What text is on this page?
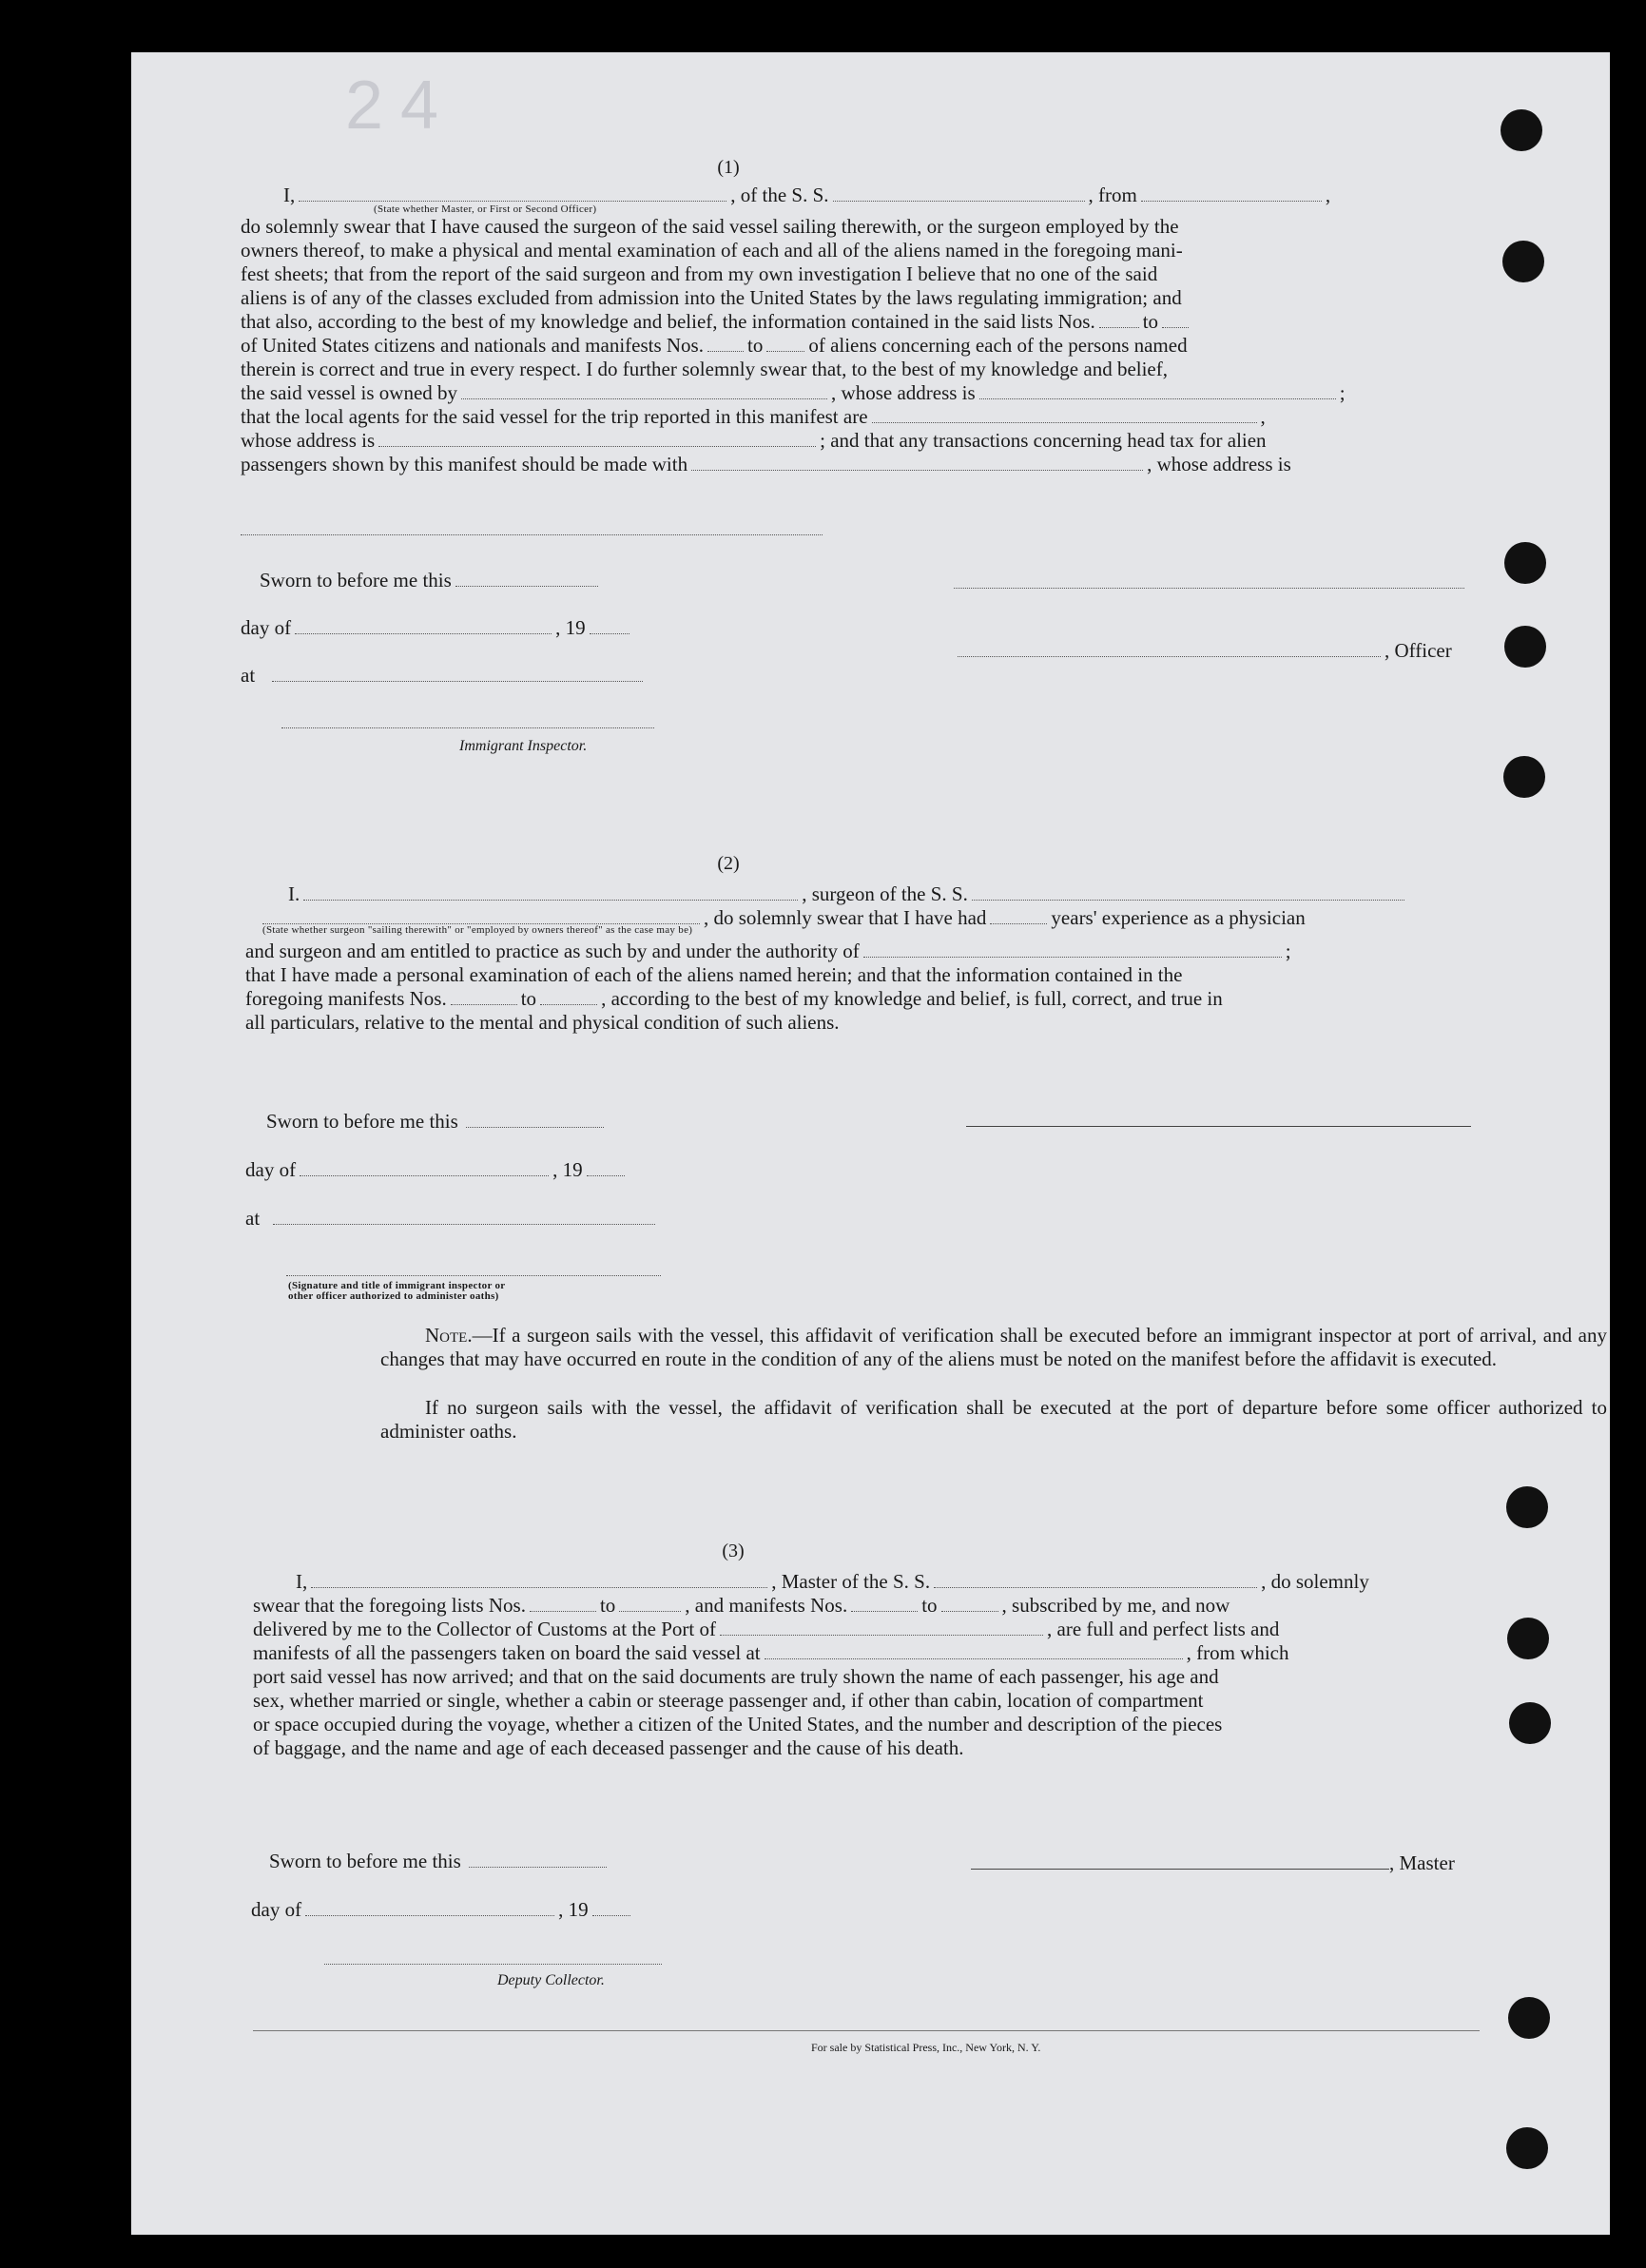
24
(1)
I,	, of the S. S.	, from	,
(State whether Master, or First or Second Officer)
do solemnly swear that I have caused the surgeon of the said vessel sailing therewith, or the surgeon employed by the
owners thereof, to make a physical and mental examination of each and all of the aliens named in the foregoing mani-
fest sheets; that from the report of the said surgeon and from my own investigation I believe that no one of the said
aliens is of any of the classes excluded from admission into the United States by the laws regulating immigration; and
that also, according to the best of my knowledge and belief, the information contained in the said lists Nos. to
of United States citizens and nationals and manifests Nos. to of aliens concerning each of the persons named
therein is correct and true in every respect. I do further solemnly swear that, to the best of my knowledge and belief,
the said vessel is owned by	, whose address is	;
that the local agents for the said vessel for the trip reported in this manifest are	,
whose address is	; and that any transactions concerning head tax for alien
passengers shown by this manifest should be made with	, whose address is
Sworn to before me this
day of	, 19
, Officer
at
Immigrant Inspector.
(2)
I.	, surgeon of the S. S.
, do solemnly swear that I have had	years' experience as a physician
(State whether surgeon "sailing therewith" or "employed by owners thereof" as the case may be)
and surgeon and am entitled to practice as such by and under the authority of	;
that I have made a personal examination of each of the aliens named herein; and that the information contained in the
foregoing manifests Nos.	to	, according to the best of my knowledge and belief, is full, correct, and true in
all particulars, relative to the mental and physical condition of such aliens.
Sworn to before me this
day of	, 19
at
(Signature and title of immigrant inspector or
other officer authorized to administer oaths)
Note.—If a surgeon sails with the vessel, this affidavit of verification shall be executed before an immigrant inspector at port of arrival, and any changes that may have occurred en route in the condition of any of the aliens must be noted on the manifest before the affidavit is executed.
If no surgeon sails with the vessel, the affidavit of verification shall be executed at the port of departure before some officer authorized to administer oaths.
(3)
I,	, Master of the S. S.	, do solemnly
swear that the foregoing lists Nos.	to	, and manifests Nos.	to	, subscribed by me, and now
delivered by me to the Collector of Customs at the Port of	, are full and perfect lists and
manifests of all the passengers taken on board the said vessel at	, from which
port said vessel has now arrived; and that on the said documents are truly shown the name of each passenger, his age and
sex, whether married or single, whether a cabin or steerage passenger and, if other than cabin, location of compartment
or space occupied during the voyage, whether a citizen of the United States, and the number and description of the pieces
of baggage, and the name and age of each deceased passenger and the cause of his death.
Sworn to before me this	, Master
day of	, 19
Deputy Collector.
For sale by Statistical Press, Inc., New York, N. Y.
